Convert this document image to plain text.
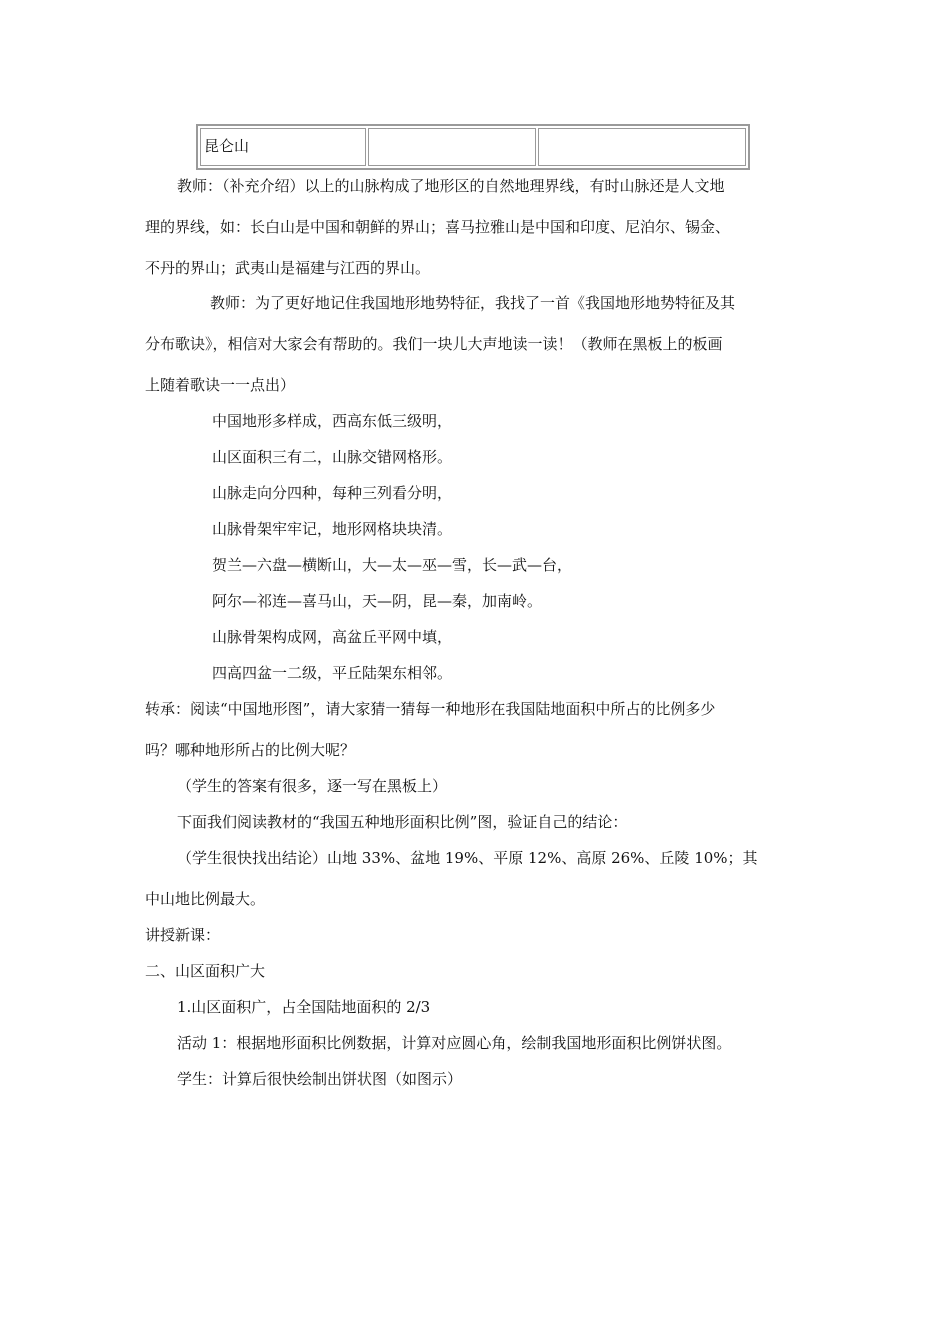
昆仑山		
教师：（补充介绍）以上的山脉构成了地形区的自然地理界线，有时山脉还是人文地
理的界线，如：长白山是中国和朝鲜的界山；喜马拉雅山是中国和印度、尼泊尔、锡金、
不丹的界山；武夷山是福建与江西的界山。
教师：为了更好地记住我国地形地势特征，我找了一首《我国地形地势特征及其
分布歌诀》，相信对大家会有帮助的。我们一块儿大声地读一读！（教师在黑板上的板画
上随着歌诀一一点出）
中国地形多样成，西高东低三级明，
山区面积三有二，山脉交错网格形。
山脉走向分四种，每种三列看分明，
山脉骨架牢牢记，地形网格块块清。
贺兰—六盘—横断山，大—太—巫—雪，长—武—台，
阿尔—祁连—喜马山，天—阴，昆—秦，加南岭。
山脉骨架构成网，高盆丘平网中填，
四高四盆一二级，平丘陆架东相邻。
转承：阅读“中国地形图”，请大家猜一猜每一种地形在我国陆地面积中所占的比例多少
吗？哪种地形所占的比例大呢？
（学生的答案有很多，逐一写在黑板上）
下面我们阅读教材的“我国五种地形面积比例”图，验证自己的结论：
（学生很快找出结论）山地 33%、盆地 19%、平原 12%、高原 26%、丘陵 10%；其
中山地比例最大。
讲授新课：
二、山区面积广大
1.山区面积广，占全国陆地面积的 2/3
活动 1：根据地形面积比例数据，计算对应圆心角，绘制我国地形面积比例饼状图。
学生：计算后很快绘制出饼状图（如图示）
